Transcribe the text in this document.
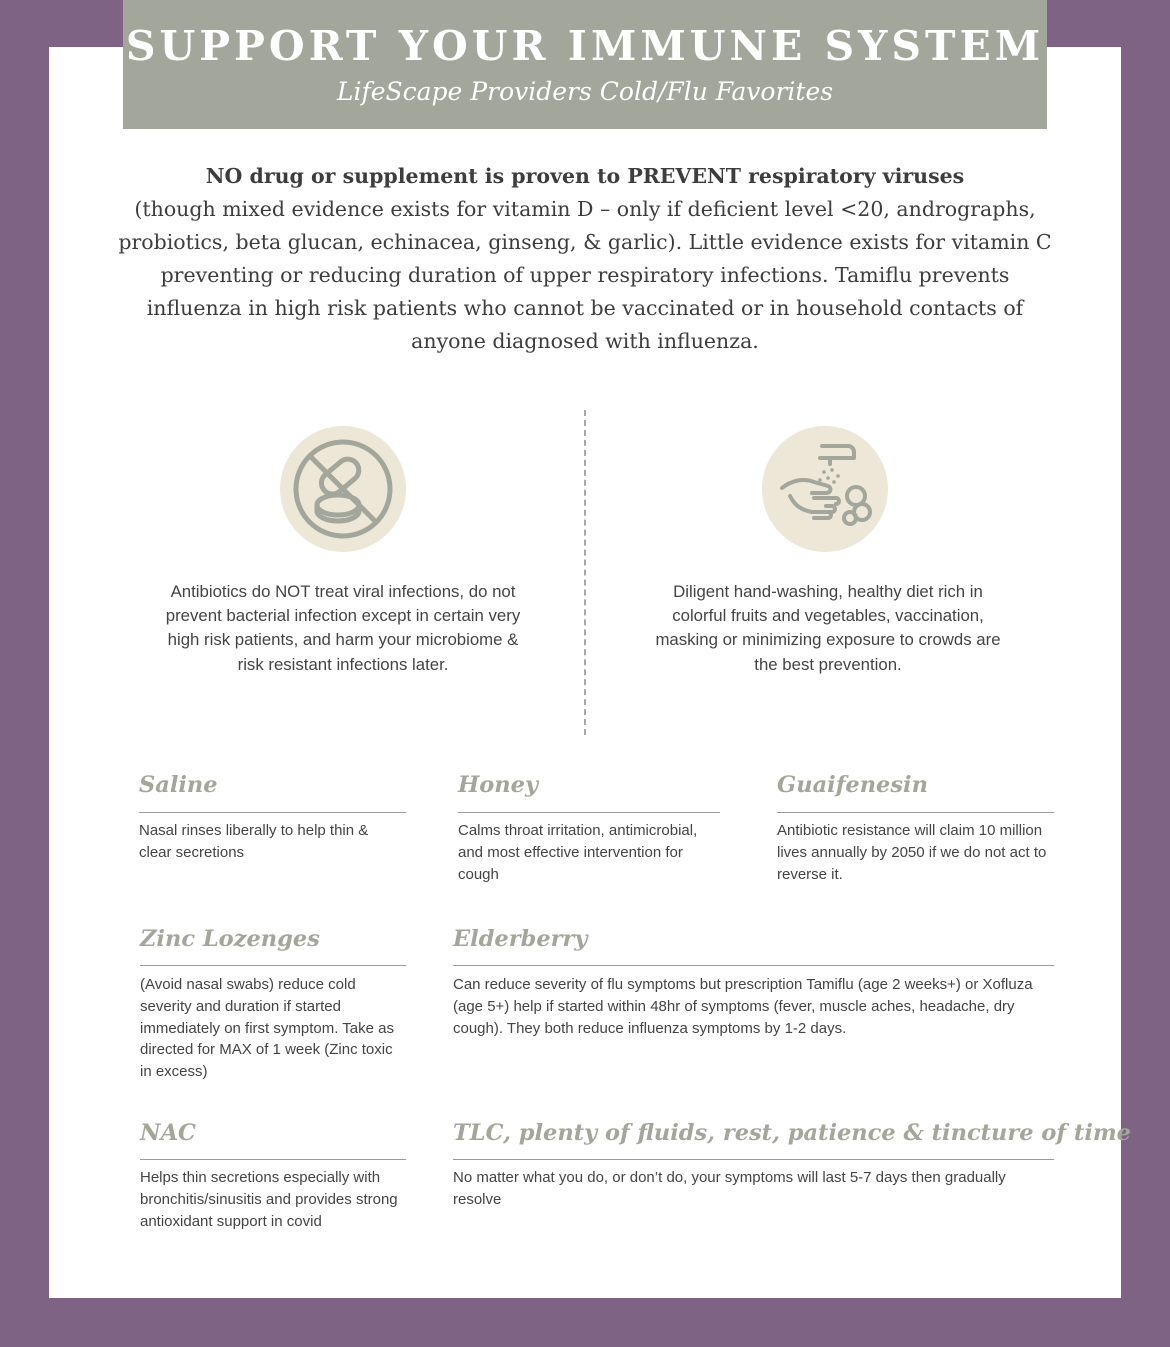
SUPPORT YOUR IMMUNE SYSTEM
LifeScape Providers Cold/Flu Favorites
NO drug or supplement is proven to PREVENT respiratory viruses
(though mixed evidence exists for vitamin D – only if deficient level <20, andrographs, probiotics, beta glucan, echinacea, ginseng, & garlic). Little evidence exists for vitamin C preventing or reducing duration of upper respiratory infections. Tamiflu prevents influenza in high risk patients who cannot be vaccinated or in household contacts of anyone diagnosed with influenza.
Antibiotics do NOT treat viral infections, do not prevent bacterial infection except in certain very high risk patients, and harm your microbiome & risk resistant infections later.
Diligent hand-washing, healthy diet rich in colorful fruits and vegetables, vaccination, masking or minimizing exposure to crowds are the best prevention.
Saline
Nasal rinses liberally to help thin & clear secretions
Honey
Calms throat irritation, antimicrobial, and most effective intervention for cough
Guaifenesin
Antibiotic resistance will claim 10 million lives annually by 2050 if we do not act to reverse it.
Zinc Lozenges
(Avoid nasal swabs) reduce cold severity and duration if started immediately on first symptom. Take as directed for MAX of 1 week (Zinc toxic in excess)
Elderberry
Can reduce severity of flu symptoms but prescription Tamiflu (age 2 weeks+) or Xofluza (age 5+) help if started within 48hr of symptoms (fever, muscle aches, headache, dry cough). They both reduce influenza symptoms by 1-2 days.
NAC
Helps thin secretions especially with bronchitis/sinusitis and provides strong antioxidant support in covid
TLC, plenty of fluids, rest, patience & tincture of time
No matter what you do, or don’t do, your symptoms will last 5-7 days then gradually resolve
